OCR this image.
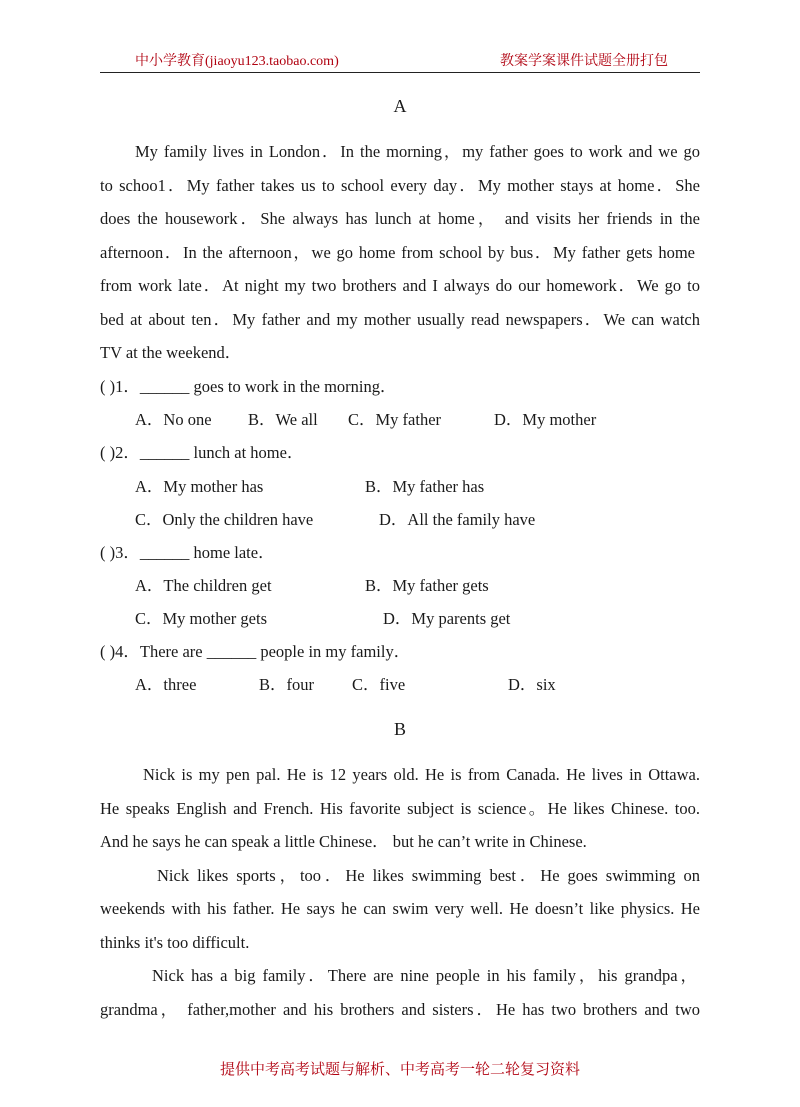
中小学教育(jiaoyu123.taobao.com)	教案学案课件试题全册打包
A
My family lives in London．In the morning，my father goes to work and we go
to schoo1．My father takes us to school every day．My mother stays at home．She
does the housework．She always has lunch at home， and visits her friends in the
afternoon．In the afternoon，we go home from school by bus．My father gets home
from work late．At night my two brothers and I always do our homework．We go to
bed at about ten．My father and my mother usually read newspapers．We can watch
TV at the weekend．
( )1．______ goes to work in the morning．
A．No one B．We all C．My father	D．My mother
( )2．______ lunch at home．
A．My mother has	B．My father has
C．Only the children have	D．All the family have
( )3．______ home late．
A．The children get	B．My father gets
C．My mother gets	D．My parents get
( )4．There are ______ people in my family．
A．three	B．four C．five	D．six
B
Nick is my pen pal. He is 12 years old. He is from Canada. He lives in Ottawa.
He speaks English and French. His favorite subject is science。He likes Chinese. too.
And he says he can speak a little Chinese． but he can’t write in Chinese.
Nick likes sports，too．He likes swimming best．He goes swimming on
weekends with his father. He says he can swim very well. He doesn’t like physics. He
thinks it's too difficult.
Nick has a big family．There are nine people in his family，his grandpa，
grandma， father,mother and his brothers and sisters．He has two brothers and two
提供中考高考试题与解析、中考高考一轮二轮复习资料
